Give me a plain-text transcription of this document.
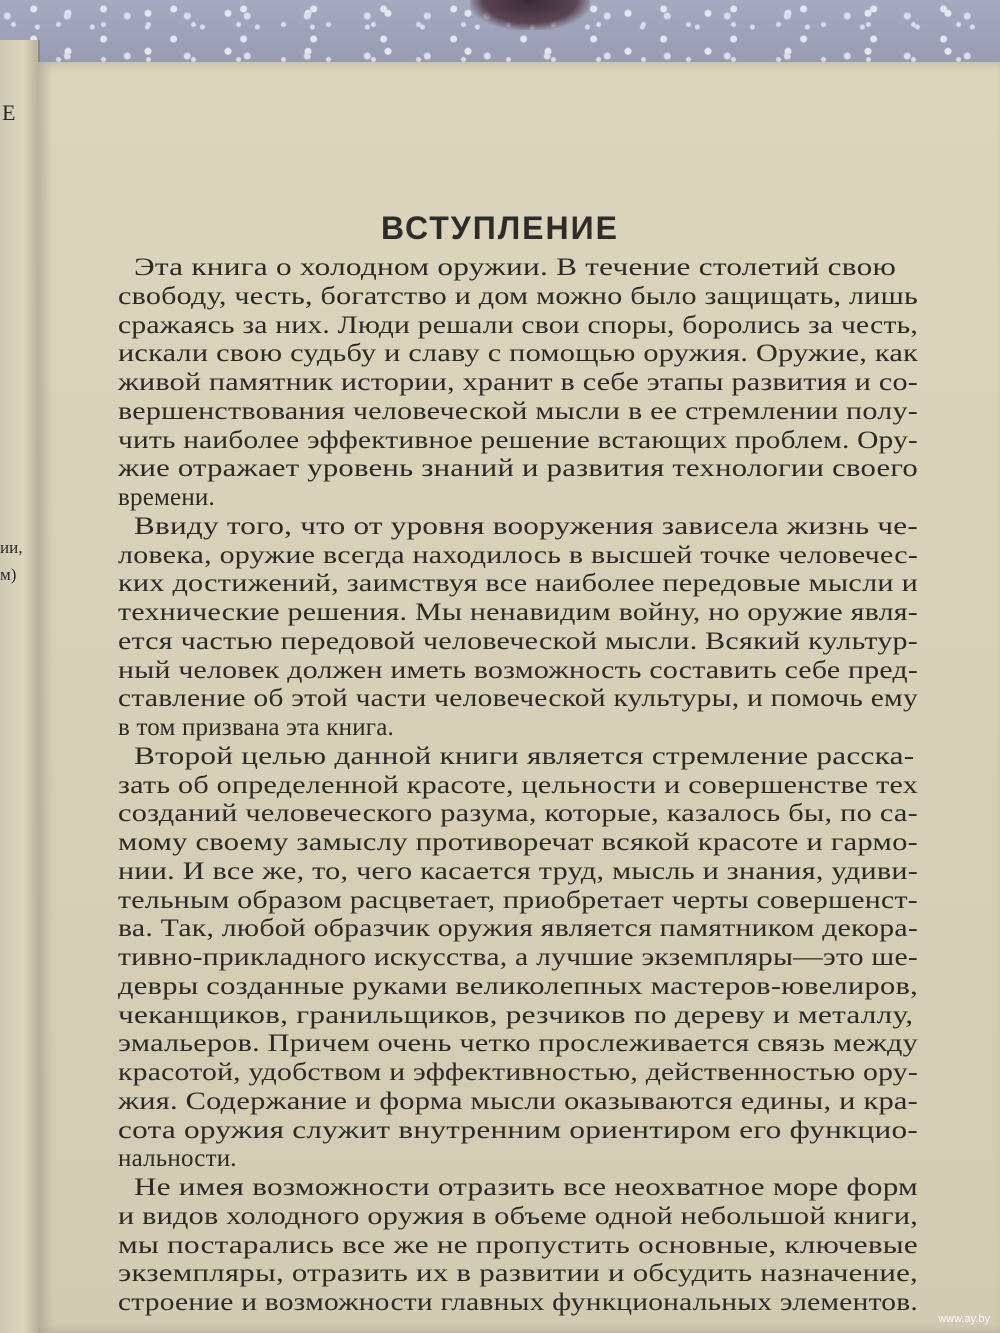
Е
ии,
м)
ВСТУПЛЕНИЕ
Эта книга о холодном оружии. В течение столетий свою
свободу, честь, богатство и дом можно было защищать, лишь
сражаясь за них. Люди решали свои споры, боролись за честь,
искали свою судьбу и славу с помощью оружия. Оружие, как
живой памятник истории, хранит в себе этапы развития и со-
вершенствования человеческой мысли в ее стремлении полу-
чить наиболее эффективное решение встающих проблем. Ору-
жие отражает уровень знаний и развития технологии своего
времени.
Ввиду того, что от уровня вооружения зависела жизнь че-
ловека, оружие всегда находилось в высшей точке человечес-
ких достижений, заимствуя все наиболее передовые мысли и
технические решения. Мы ненавидим войну, но оружие явля-
ется частью передовой человеческой мысли. Всякий культур-
ный человек должен иметь возможность составить себе пред-
ставление об этой части человеческой культуры, и помочь ему
в том призвана эта книга.
Второй целью данной книги является стремление расска-
зать об определенной красоте, цельности и совершенстве тех
созданий человеческого разума, которые, казалось бы, по са-
мому своему замыслу противоречат всякой красоте и гармо-
нии. И все же, то, чего касается труд, мысль и знания, удиви-
тельным образом расцветает, приобретает черты совершенст-
ва. Так, любой образчик оружия является памятником декора-
тивно-прикладного искусства, а лучшие экземпляры—это ше-
девры созданные руками великолепных мастеров-ювелиров,
чеканщиков, гранильщиков, резчиков по дереву и металлу,
эмальеров. Причем очень четко прослеживается связь между
красотой, удобством и эффективностью, действенностью ору-
жия. Содержание и форма мысли оказываются едины, и кра-
сота оружия служит внутренним ориентиром его функцио-
нальности.
Не имея возможности отразить все неохватное море форм
и видов холодного оружия в объеме одной небольшой книги,
мы постарались все же не пропустить основные, ключевые
экземпляры, отразить их в развитии и обсудить назначение,
строение и возможности главных функциональных элементов.
www.ay.by
